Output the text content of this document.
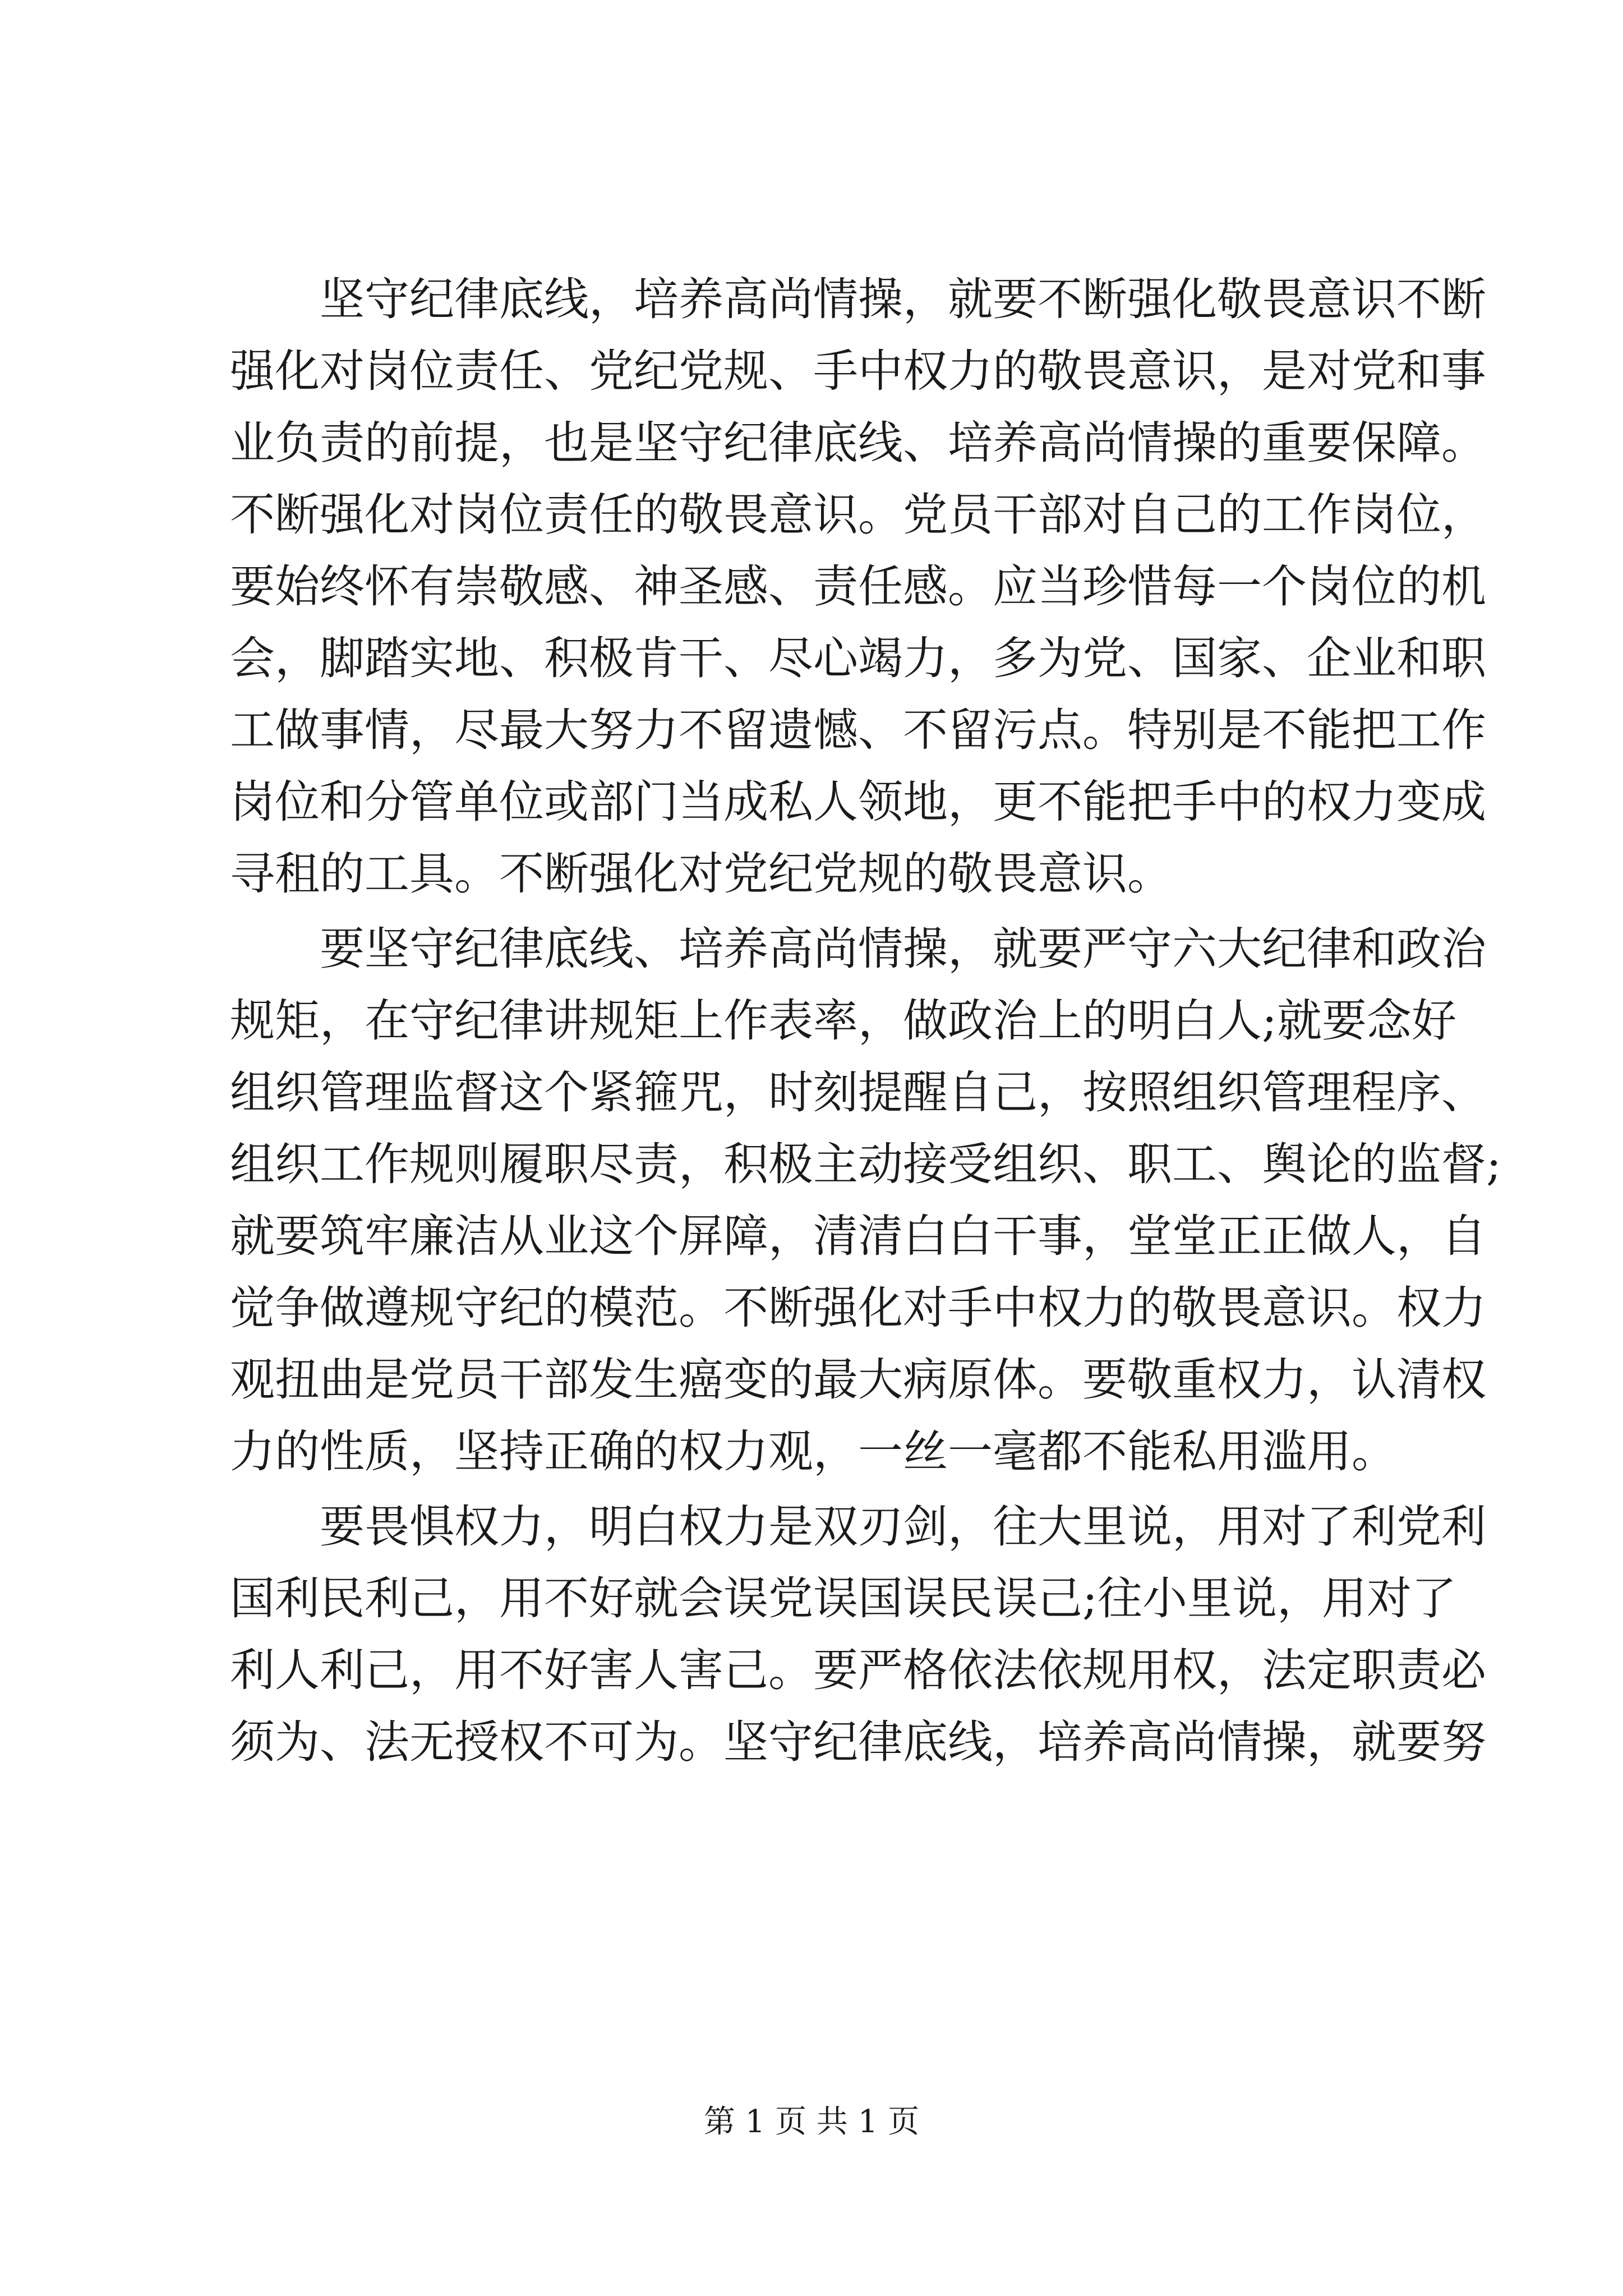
坚守纪律底线，培养高尚情操，就要不断强化敬畏意识不断
强化对岗位责任、党纪党规、手中权力的敬畏意识，是对党和事
业负责的前提，也是坚守纪律底线、培养高尚情操的重要保障。
不断强化对岗位责任的敬畏意识。党员干部对自己的工作岗位，
要始终怀有崇敬感、神圣感、责任感。应当珍惜每一个岗位的机
会，脚踏实地、积极肯干、尽心竭力，多为党、国家、企业和职
工做事情，尽最大努力不留遗憾、不留污点。特别是不能把工作
岗位和分管单位或部门当成私人领地，更不能把手中的权力变成
寻租的工具。不断强化对党纪党规的敬畏意识。
要坚守纪律底线、培养高尚情操，就要严守六大纪律和政治
规矩，在守纪律讲规矩上作表率，做政治上的明白人;就要念好
组织管理监督这个紧箍咒，时刻提醒自己，按照组织管理程序、
组织工作规则履职尽责，积极主动接受组织、职工、舆论的监督;
就要筑牢廉洁从业这个屏障，清清白白干事，堂堂正正做人，自
觉争做遵规守纪的模范。不断强化对手中权力的敬畏意识。权力
观扭曲是党员干部发生癌变的最大病原体。要敬重权力，认清权
力的性质，坚持正确的权力观，一丝一毫都不能私用滥用。
要畏惧权力，明白权力是双刃剑，往大里说，用对了利党利
国利民利己，用不好就会误党误国误民误己;往小里说，用对了
利人利己，用不好害人害己。要严格依法依规用权，法定职责必
须为、法无授权不可为。坚守纪律底线，培养高尚情操，就要努
第 1 页 共 1 页
